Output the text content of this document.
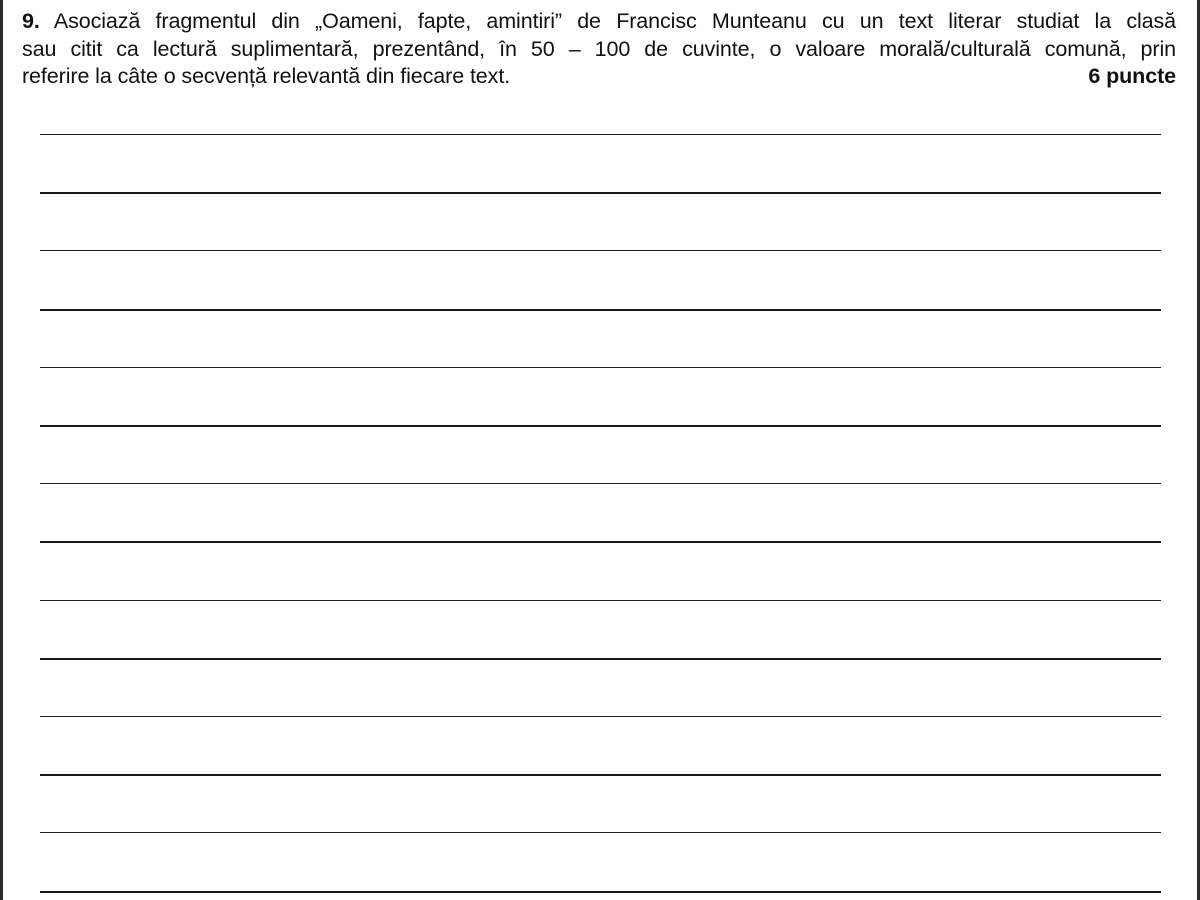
9. Asociază fragmentul din „Oameni, fapte, amintiri” de Francisc Munteanu cu un text literar studiat la clasă
sau citit ca lectură suplimentară, prezentând, în 50 – 100 de cuvinte, o valoare morală/culturală comună, prin
referire la câte o secvență relevantă din fiecare text.	6 puncte
